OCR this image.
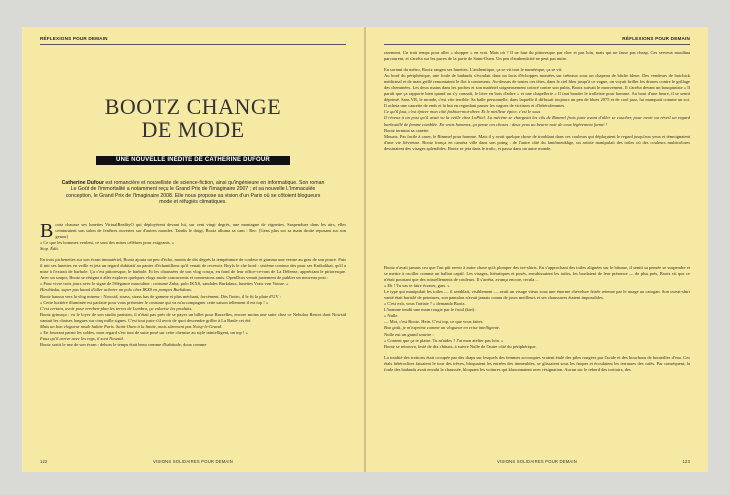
RÉFLEXIONS POUR DEMAIN
BOOTZ CHANGE
DE MODE
UNE NOUVELLE INÉDITE DE CATHERINE DUFOUR
Catherine Dufour est romancière et nouvelliste de science-fiction, ainsi qu'ingénieure en informatique. Son roman Le Goût de l'immortalité a notamment reçu le Grand Prix de l'Imaginaire 2007 ; et sa nouvelle L'Immaculée conception, le Grand Prix de l'Imaginaire 2008. Elle nous propose sa vision d'un Paris où se côtoient blogueurs mode et réfugiés climatiques.
B ootz chausse ses lunettes VirtualRealityO qui déployèrent devant lui, sur cent vingt degrés, une montagne de vignettes. Suspendues dans les airs, elles ceinturaient son salon de fenêtres ouvertes sur d'autres mondes. Tandis le doigt, Bootz alluma sa cam : Rec. [Gens plus sur sa main droite reposant sur son genou]

« Ce que les hommes veulent, ce sont des mises célèbres pour exigeants. »

Stop. Édit.

En trois pichenettes sur son écran immatériel, Bootz ajouta un peu d'écho, monta de dix degrés la température de couleur et gomma une verrue au gras de son pouce. Puis il mit ses lunettes en veille et jeta un regard dubitatif au panier d'échantillons qu'il venait de recevoir. Boyfs le che bord : sixième contour des pour ses Knikokkai, qu'il a mise à l'extrait de barbole. Ça c'est pittoresque, le barbole. Et les chaussées de son vlog conçu, en fond de leur office-ce-rom de La Défense, appréciant le pittoresque. Avec un soupir, Bootz se résigna à aller explorer quelques vlogs mode concurrents et connexions amis. OpenDotx venait justement de publier un nouveau post :

« Pour vivre trois jours avec le signe de l'élégance masculine : costume Zuba, polo IKXS, sandales Burkdaux, lunettes Vrais von Votrae. »

Hirobitsku, super pas banal d'aller acheter un polo chez IKXS en pompes Burkdaux.

Bootz haussa vers la vlog mineur : Nowsid, strass, strass bas de gamme et plus méchant, forcément. Dès l'intro, il le fit la plate d'UV :

« Cette luxtière illuminée est parfaite pour vous présenter le costume qui va m'accompagner cette saison tellement il est top ! »

C'est certain, avoir pour erreben-plan les terres de Lumbra, ça valorise les produits.

Bootz grimaça : vu le loyer de son studio parisien, il n'était pas près de se payer un billet pour Bruxelles, encore moins une suite chez ce Nebuloa Resort dont Nowsid vantait les chaises longues sur cinq mille signes. C'est tout juste s'il avoir de quoi descendre griller à La Baule cet été.

Mais un bon vlogueur mode habite Paris. Saint-Ouen à la limite, mais sûrement pas Noisy-le-Grand.

« En fourrant parmi les soldes, mon regard s'est tout de suite posé sur cette chemise au style inintelligent, un top ! »

Faux qu'il arrive avec les regs, il sont Nowsid.

Bootz sortit le nez de son écran : dehors le temps était beau comme d'habitude, doux comme

122	VISIONS SOLIDAIRES POUR DEMAIN
RÉFLEXIONS POUR DEMAIN

rarement. Un trait temps pour aller « shopper » en vrai. Mais où ? Il ne faut du pittoresque par cher et pas loin, mais qui ne fasse pas cheap. Ces serveux moulâna parcourent, et s'arrêta sur les puces de la porte de Saint-Ouen. Un peu d'authenticité ne peut pas nuire.

En sortant du métro, Bootz rangea ses lunettes. L'authentique, ça se vit tout le numérique, ça se vit.

Au bord du périphérique, une foule de badauds s'écoulait dans un lacis d'échoppes montées sur tréteaux sous un chapeau de bâche bleue. Des vendeurs de hotchick médicinal et de mais grillé remontaient le flot à contresens. Au-dessus de toutes ces têtes, dans le ciel bleu jusqu'à ce vague, on voyait briller les drones contre le grillage des cheminées. Les deux mains dans les poches et son matériel soigneusement coincé contre son pubis, Bootz suivait le mouvement. Il s'arrêta devant un bouquiniste « Il paraît que ça rapporte bien quand on s'y connaît, le livre en bois d'arbre » et une chapellerie « Il faut bouder le trolleiste pour homme. Au bout d'une heure, il se sentit déprimé. Sans VR, le monde, c'est vite terrible. Sa balle personnelle, dans laquelle il diffusait toujours un peu de blues 2075 et de cool jazz, lui manquait comme un soi. Il acheta une caurette de ends et la but en regardant passer les vagues de victimes et d'hétérofemmes.

Ce qu'il faut, c'est épicer mon côté fashion-mot-diver. Et le meilleur épice, c'est le sous

Il réveux à un post qu'il avait vu la veille chez LoPitel. La mécène se chargeait les cils de Rimmel frais juste avant d'aller se coucher, pour avoir au réveil un regard barbouillé de femme comblée. En vrais hommes, ça pense ces choses : deux yeux au beurre noir de ceux légèrement formé !

Bootz termina sa canette.

Mouais. Pas facile à caser, le Rimmel pour homme. Mais il y avait quelque chose de troublant dans ces couleurs qui déplaçaient le regard jusqu'aux yeux et témoignaient d'une vie fiévreuse. Bootz fronça en caméra ville dans son poing : de l'autre côté du fantômeukbge, un artiste manipulait des toiles où des couleurs multicolores dessinaient des visages splendides. Bootz se jeta dans le trafic, et passa dans un autre monde.

Bootz n'avait jamais cru que l'art pût servir à autre chose qu'à plomper des tee-shirts. En s'approchant des toiles alignées sur le bitume, il sentit sa pensée se suspendre et se mettre à osciller comme un ballon captif. Les visages, hiératiques et posés, envahissaient les toiles, les bordaient de leur présence — de plus près, Bootz vit que ce n'était pourtant que des ruissellements de couleurs. Il s'arrêta, avança encore, recula…

« Eh ! Tu vas te faire écraser, gars. »

Le type qui manipulait les toiles — il semblait, visiblement — avait un visage vieux sous une énorme chevelure frisée retenue par le nuage au catogan. Son sweat-shirt vanté était bariolé de peintures, son pantalon n'avait jamais connu de jours meilleurs et ses chaussures étaient impossibles.

« C'est exh, vous l'artiste ? » demanda Bootz.

L'homme tendit une main rougie par le froid (kirt) :

« Nulle.

— Moi, c'est Bootz. Hein. C'est top, ce que vous faites.

Bon goût, je m'exprime comme un vlogueur en crise intelligente.

Nulle eut un grand sourire :

« Content que ça te plaise. Tu m'aides ? J'ai mon atelier pas loin. »

Bootz se retrouva, lesté de dix châssis, à suivre Nulle de l'autre côté du périphérique.

La totalité des trottoirs était occupée par des draps sur lesquels des femmes accroupies vraient étalé des piles rongées par l'acide et des bouchons de bouteilles d'eau. Ces étals hétéroclites faisaient le tour des trêves, bloquaient les entrées des immeubles, se glissaient sous les fnopes et écoulaient les terrasses des cafés. Par conséquent, la foule des badauds avait envahi la chaussée, bloquant les voitures qui klaxonnaient avec résignation. Aucun sur le rebord des trottoirs, des

VISIONS SOLIDAIRES POUR DEMAIN	123
